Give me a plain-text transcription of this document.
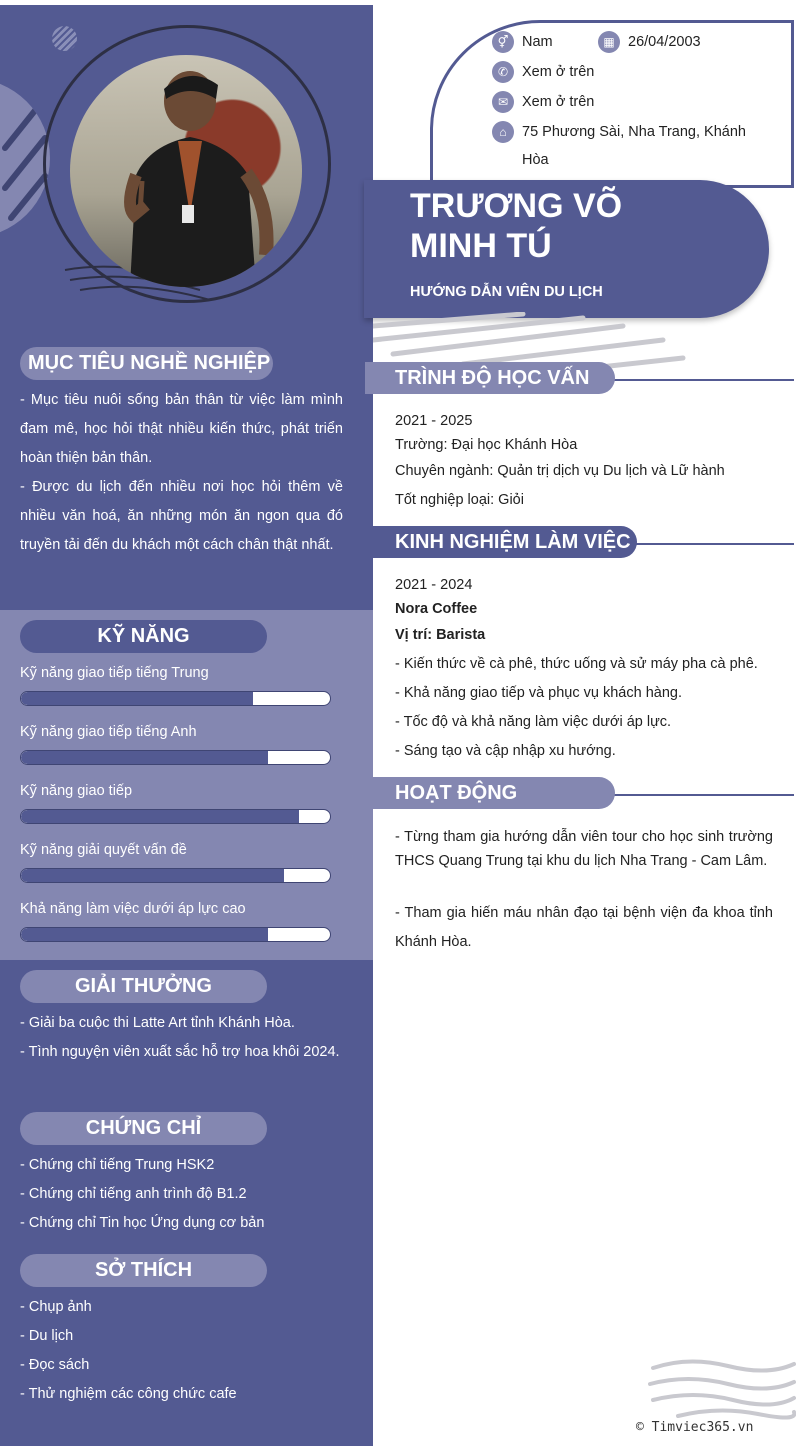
MỤC TIÊU NGHỀ NGHIỆP
- Mục tiêu nuôi sống bản thân từ việc làm mình đam mê, học hỏi thật nhiều kiến thức, phát triển hoàn thiện bản thân.
- Được du lịch đến nhiều nơi học hỏi thêm về nhiều văn hoá, ăn những món ăn ngon qua đó truyền tải đến du khách một cách chân thật nhất.
KỸ NĂNG
Kỹ năng giao tiếp tiếng Trung
Kỹ năng giao tiếp tiếng Anh
Kỹ năng giao tiếp
Kỹ năng giải quyết vấn đề
Khả năng làm việc dưới áp lực cao
GIẢI THƯỞNG
- Giải ba cuộc thi Latte Art tỉnh Khánh Hòa.
- Tình nguyện viên xuất sắc hỗ trợ hoa khôi 2024.
CHỨNG CHỈ
- Chứng chỉ tiếng Trung HSK2
- Chứng chỉ tiếng anh trình độ B1.2
- Chứng chỉ Tin học Ứng dụng cơ bản
SỞ THÍCH
- Chụp ảnh
- Du lịch
- Đọc sách
- Thử nghiệm các công chức cafe
⚥ Nam	▦ 26/04/2003
✆ Xem ở trên
✉ Xem ở trên
⌂	75 Phương Sài, Nha Trang, Khánh
Hòa
TRƯƠNG VÕ
MINH TÚ
HƯỚNG DẪN VIÊN DU LỊCH
TRÌNH ĐỘ HỌC VẤN
2021 - 2025
Trường: Đại học Khánh Hòa
Chuyên ngành: Quản trị dịch vụ Du lịch và Lữ hành
Tốt nghiệp loại: Giỏi
KINH NGHIỆM LÀM VIỆC
2021 - 2024
Nora Coffee
Vị trí: Barista
- Kiến thức về cà phê, thức uống và sử máy pha cà phê.
- Khả năng giao tiếp và phục vụ khách hàng.
- Tốc độ và khả năng làm việc dưới áp lực.
- Sáng tạo và cập nhập xu hướng.
HOẠT ĐỘNG
- Từng tham gia hướng dẫn viên tour cho học sinh trường THCS Quang Trung tại khu du lịch Nha Trang - Cam Lâm.
- Tham gia hiến máu nhân đạo tại bệnh viện đa khoa tỉnh Khánh Hòa.
© Timviec365.vn
